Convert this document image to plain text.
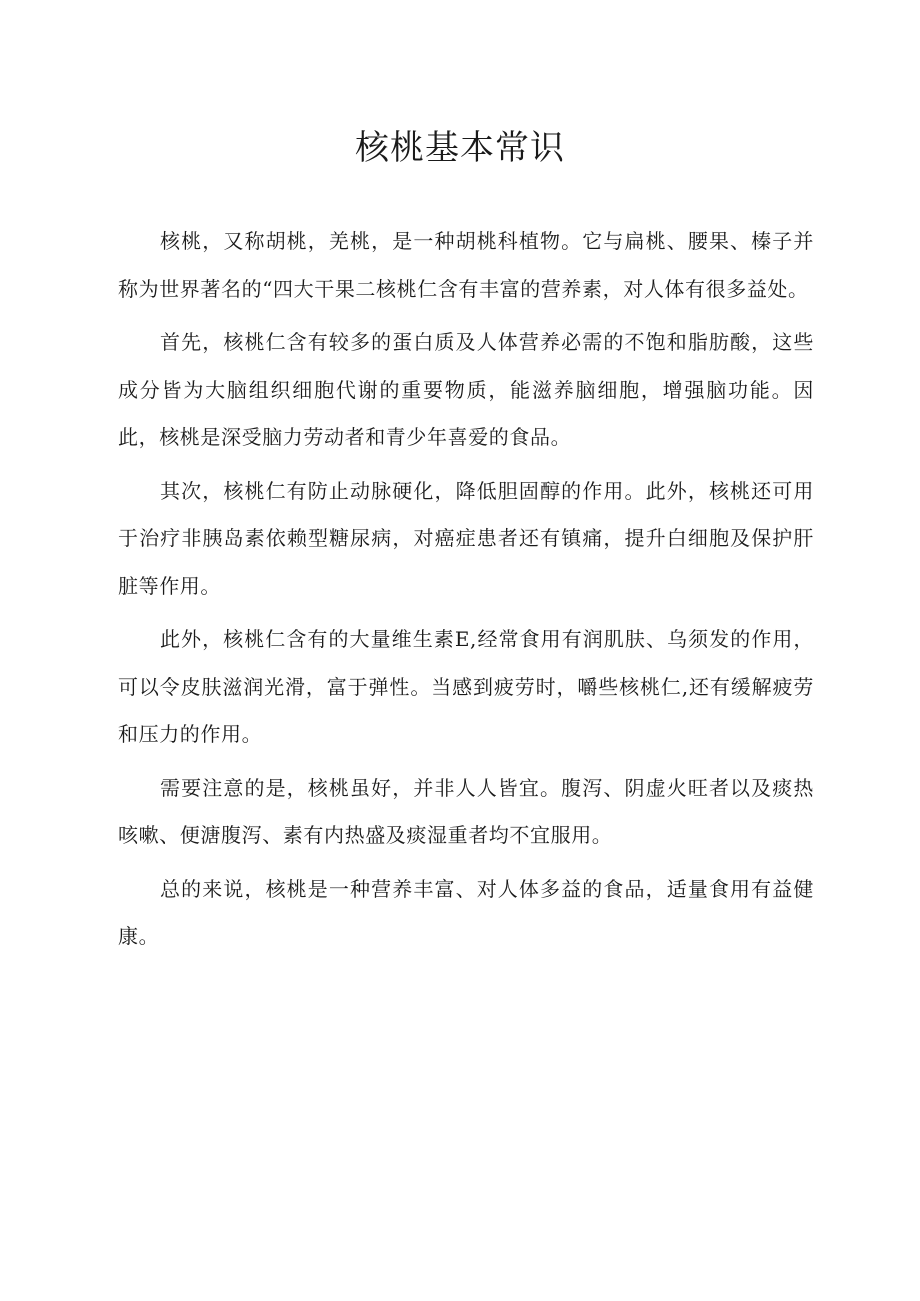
核桃基本常识

核桃，又称胡桃，羌桃，是一种胡桃科植物。它与扁桃、腰果、榛子并称为世界著名的“四大干果二核桃仁含有丰富的营养素，对人体有很多益处。

首先，核桃仁含有较多的蛋白质及人体营养必需的不饱和脂肪酸，这些成分皆为大脑组织细胞代谢的重要物质，能滋养脑细胞，增强脑功能。因此，核桃是深受脑力劳动者和青少年喜爱的食品。

其次，核桃仁有防止动脉硬化，降低胆固醇的作用。此外，核桃还可用于治疗非胰岛素依赖型糖尿病，对癌症患者还有镇痛，提升白细胞及保护肝脏等作用。

此外，核桃仁含有的大量维生素E,经常食用有润肌肤、乌须发的作用，可以令皮肤滋润光滑，富于弹性。当感到疲劳时，嚼些核桃仁,还有缓解疲劳和压力的作用。

需要注意的是，核桃虽好，并非人人皆宜。腹泻、阴虚火旺者以及痰热咳嗽、便溏腹泻、素有内热盛及痰湿重者均不宜服用。

总的来说，核桃是一种营养丰富、对人体多益的食品，适量食用有益健康。
